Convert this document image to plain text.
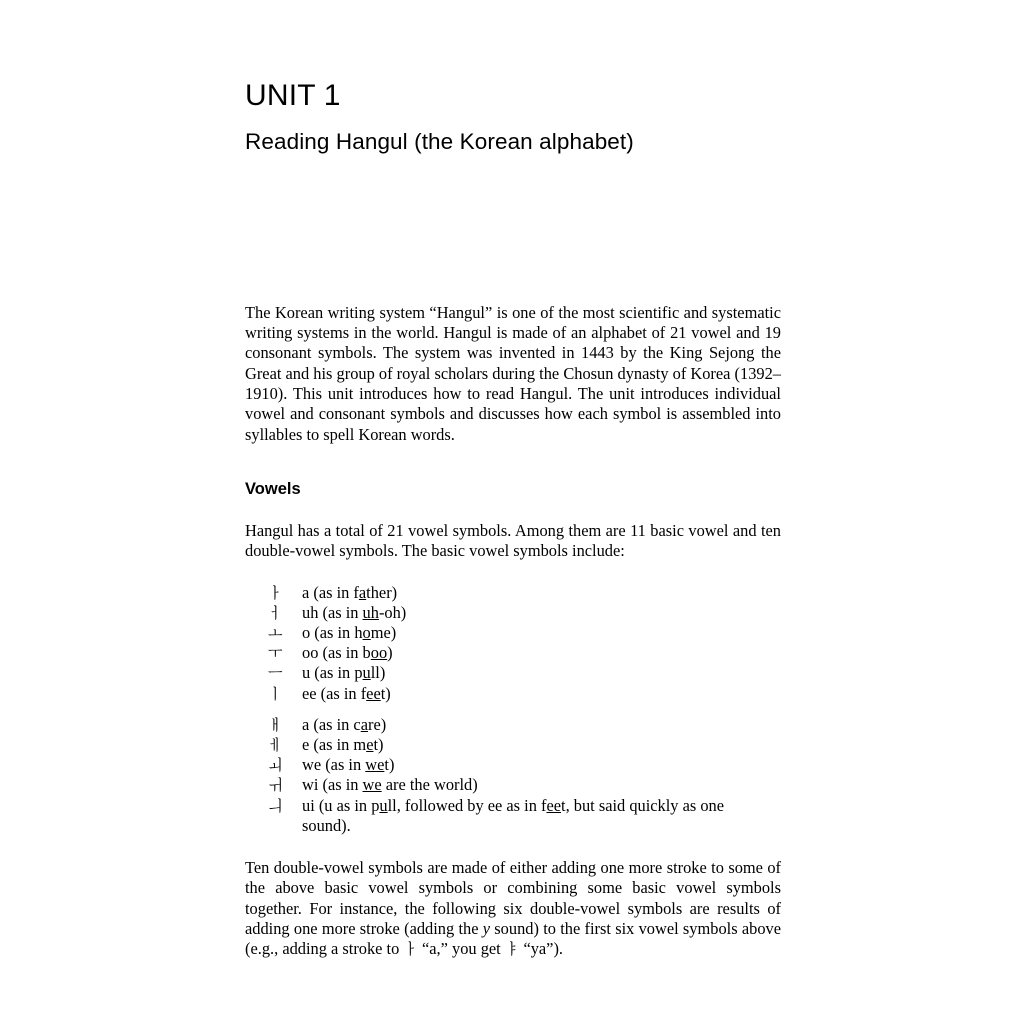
UNIT 1
Reading Hangul (the Korean alphabet)

The Korean writing system “Hangul” is one of the most scientific and systematic writing systems in the world. Hangul is made of an alphabet of 21 vowel and 19 consonant symbols. The system was invented in 1443 by the King Sejong the Great and his group of royal scholars during the Chosun dynasty of Korea (1392–1910). This unit introduces how to read Hangul. The unit introduces individual vowel and consonant symbols and discusses how each symbol is assembled into syllables to spell Korean words.

Vowels

Hangul has a total of 21 vowel symbols. Among them are 11 basic vowel and ten double-vowel symbols. The basic vowel symbols include:

ㅏ	a (as in father)
ㅓ	uh (as in uh-oh)
ㅗ	o (as in home)
ㅜ	oo (as in boo)
ㅡ	u (as in pull)
ㅣ	ee (as in feet)
ㅐ	a (as in care)
ㅔ	e (as in met)
ㅚ	we (as in wet)
ㅟ	wi (as in we are the world)
ㅢ	ui (u as in pull, followed by ee as in feet, but said quickly as one
sound).

Ten double-vowel symbols are made of either adding one more stroke to some of the above basic vowel symbols or combining some basic vowel symbols together. For instance, the following six double-vowel symbols are results of adding one more stroke (adding the y sound) to the first six vowel symbols above (e.g., adding a stroke to ㅏ “a,” you get ㅑ “ya”).
